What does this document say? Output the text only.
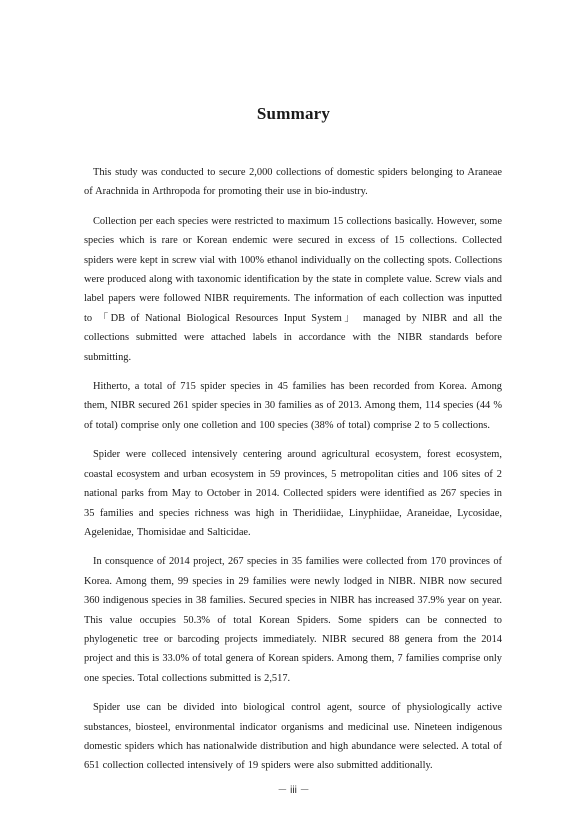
Summary

This study was conducted to secure 2,000 collections of domestic spiders belonging to Araneae of Arachnida in Arthropoda for promoting their use in bio-industry.

Collection per each species were restricted to maximum 15 collections basically. However, some species which is rare or Korean endemic were secured in excess of 15 collections. Collected spiders were kept in screw vial with 100% ethanol individually on the collecting spots. Collections were produced along with taxonomic identification by the state in complete value. Screw vials and label papers were followed NIBR requirements. The information of each collection was inputted to 「DB of National Biological Resources Input System」 managed by NIBR and all the collections submitted were attached labels in accordance with the NIBR standards before submitting.

Hitherto, a total of 715 spider species in 45 families has been recorded from Korea. Among them, NIBR secured 261 spider species in 30 families as of 2013. Among them, 114 species (44 % of total) comprise only one colletion and 100 species (38% of total) comprise 2 to 5 collections.

Spider were colleced intensively centering around agricultural ecosystem, forest ecosystem, coastal ecosystem and urban ecosystem in 59 provinces, 5 metropolitan cities and 106 sites of 2 national parks from May to October in 2014. Collected spiders were identified as 267 species in 35 families and species richness was high in Theridiidae, Linyphiidae, Araneidae, Lycosidae, Agelenidae, Thomisidae and Salticidae.

In consquence of 2014 project, 267 species in 35 families were collected from 170 provinces of Korea. Among them, 99 species in 29 families were newly lodged in NIBR. NIBR now secured 360 indigenous species in 38 families. Secured species in NIBR has increased 37.9% year on year. This value occupies 50.3% of total Korean Spiders. Some spiders can be connected to phylogenetic tree or barcoding projects immediately. NIBR secured 88 genera from the 2014 project and this is 33.0% of total genera of Korean spiders. Among them, 7 families comprise only one species. Total collections submitted is 2,517.

Spider use can be divided into biological control agent, source of physiologically active substances, biosteel, environmental indicator organisms and medicinal use. Nineteen indigenous domestic spiders which has nationalwide distribution and high abundance were selected. A total of 651 collection collected intensively of 19 spiders were also submitted additionally.

－ iii －
